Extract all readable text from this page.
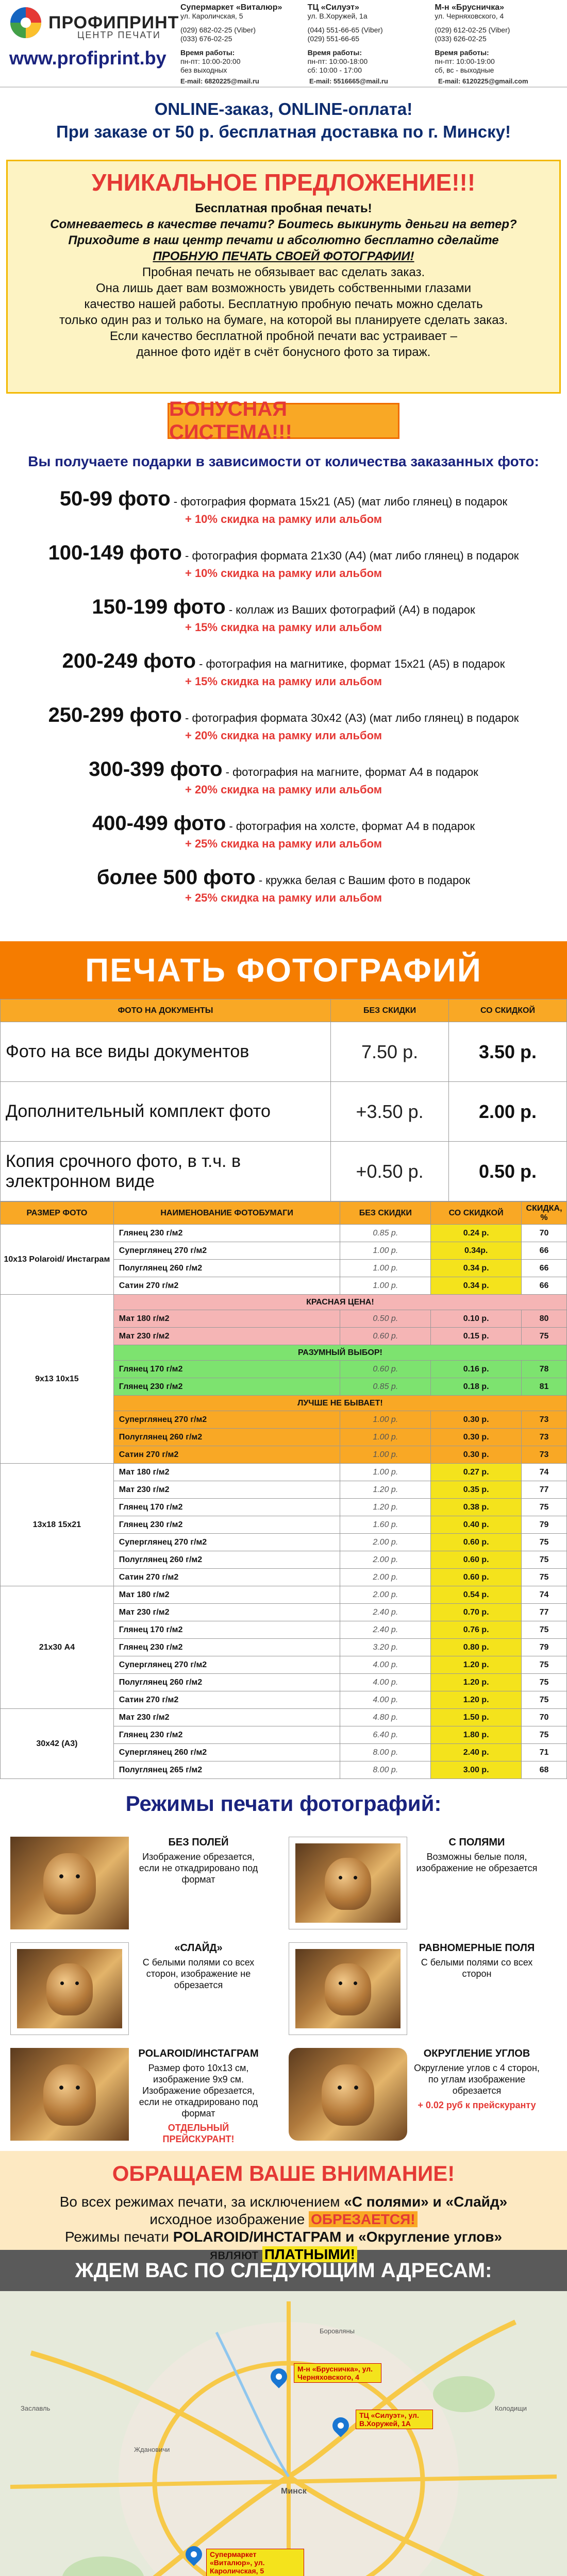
ПРОФИПРИНТ
ЦЕНТР ПЕЧАТИ
www.profiprint.by
Супермаркет «Виталюр»
ул. Кароличская, 5
(029) 682-02-25 (Viber)
(033) 676-02-25
Время работы:
пн-пт: 10:00-20:00
без выходных
ТЦ «Силуэт»
ул. В.Хоружей, 1а
(044) 551-66-65 (Viber)
(029) 551-66-65
Время работы:
пн-пт: 10:00-18:00
сб: 10:00 - 17:00
М-н «Брусничка»
ул. Черняховского, 4
(029) 612-02-25 (Viber)
(033) 626-02-25
Время работы:
пн-пт: 10:00-19:00
сб, вс - выходные
E-mail: 6820225@mail.ru	E-mail: 5516665@mail.ru	E-mail: 6120225@gmail.com
ONLINE-заказ, ONLINE-оплата!
При заказе от 50 р. бесплатная доставка по г. Минску!
УНИКАЛЬНОЕ ПРЕДЛОЖЕНИЕ!!!

Бесплатная пробная печать!

Сомневаетесь в качестве печати? Боитесь выкинуть деньги на ветер?

Приходите в наш центр печати и абсолютно бесплатно сделайте

ПРОБНУЮ ПЕЧАТЬ СВОЕЙ ФОТОГРАФИИ!

Пробная печать не обязывает вас сделать заказ.

Она лишь дает вам возможность увидеть собственными глазами

качество нашей работы. Бесплатную пробную печать можно сделать

только один раз и только на бумаге, на которой вы планируете сделать заказ.

Если качество бесплатной пробной печати вас устраивает –

данное фото идёт в счёт бонусного фото за тираж.

БОНУСНАЯ СИСТЕМА!!!
Вы получаете подарки в зависимости от количества заказанных фото:
50-99 фото - фотография формата 15х21 (А5) (мат либо глянец) в подарок
+ 10% скидка на рамку или альбом
100-149 фото - фотография формата 21х30 (А4) (мат либо глянец) в подарок
+ 10% скидка на рамку или альбом
150-199 фото - коллаж из Ваших фотографий (А4) в подарок
+ 15% скидка на рамку или альбом
200-249 фото - фотография на магнитике, формат 15х21 (А5) в подарок
+ 15% скидка на рамку или альбом
250-299 фото - фотография формата 30х42 (А3) (мат либо глянец) в подарок
+ 20% скидка на рамку или альбом
300-399 фото - фотография на магните, формат А4 в подарок
+ 20% скидка на рамку или альбом
400-499 фото - фотография на холсте, формат А4 в подарок
+ 25% скидка на рамку или альбом
более 500 фото - кружка белая с Вашим фото в подарок
+ 25% скидка на рамку или альбом
ПЕЧАТЬ ФОТОГРАФИЙ
ФОТО НА ДОКУМЕНТЫ	БЕЗ СКИДКИ	СО СКИДКОЙ
Фото на все виды документов	7.50 р.	3.50 р.
Дополнительный комплект фото	+3.50 р.	2.00 р.
Копия срочного фото, в т.ч. в электронном виде	+0.50 р.	0.50 р.
РАЗМЕР ФОТО	НАИМЕНОВАНИЕ ФОТОБУМАГИ	БЕЗ СКИДКИ	СО СКИДКОЙ	СКИДКА, %
10х13 Polaroid/ Инстаграм	Глянец 230 г/м2	0.85 р.	0.24 р.	70
	Суперглянец 270 г/м2	1.00 р.	0.34р.	66
	Полуглянец 260 г/м2	1.00 р.	0.34 р.	66
	Сатин 270 г/м2	1.00 р.	0.34 р.	66
9х13 10х15	КРАСНАЯ ЦЕНА!			
	Мат 180 г/м2	0.50 р.	0.10 р.	80
	Мат 230 г/м2	0.60 р.	0.15 р.	75
	РАЗУМНЫЙ ВЫБОР!			
	Глянец 170 г/м2	0.60 р.	0.16 р.	78
	Глянец 230 г/м2	0.85 р.	0.18 р.	81
	ЛУЧШЕ НЕ БЫВАЕТ!			
	Суперглянец 270 г/м2	1.00 р.	0.30 р.	73
	Полуглянец 260 г/м2	1.00 р.	0.30 р.	73
	Сатин 270 г/м2	1.00 р.	0.30 р.	73
13х18 15х21	Мат 180 г/м2	1.00 р.	0.27 р.	74
	Мат 230 г/м2	1.20 р.	0.35 р.	77
	Глянец 170 г/м2	1.20 р.	0.38 р.	75
	Глянец 230 г/м2	1.60 р.	0.40 р.	79
	Суперглянец 270 г/м2	2.00 р.	0.60 р.	75
	Полуглянец 260 г/м2	2.00 р.	0.60 р.	75
	Сатин 270 г/м2	2.00 р.	0.60 р.	75
21х30 А4	Мат 180 г/м2	2.00 р.	0.54 р.	74
	Мат 230 г/м2	2.40 р.	0.70 р.	77
	Глянец 170 г/м2	2.40 р.	0.76 р.	75
	Глянец 230 г/м2	3.20 р.	0.80 р.	79
	Суперглянец 270 г/м2	4.00 р.	1.20 р.	75
	Полуглянец 260 г/м2	4.00 р.	1.20 р.	75
	Сатин 270 г/м2	4.00 р.	1.20 р.	75
30х42 (А3)	Мат 230 г/м2	4.80 р.	1.50 р.	70
	Глянец 230 г/м2	6.40 р.	1.80 р.	75
	Суперглянец 260 г/м2	8.00 р.	2.40 р.	71
	Полуглянец 265 г/м2	8.00 р.	3.00 р.	68
Режимы печати фотографий:
БЕЗ ПОЛЕЙ
Изображение обрезается, если не откадрировано под формат
С ПОЛЯМИ
Возможны белые поля, изображение не обрезается
«СЛАЙД»
С белыми полями со всех сторон, изображение не обрезается
РАВНОМЕРНЫЕ ПОЛЯ
С белыми полями со всех сторон
POLAROID/ИНСТАГРАМ
Размер фото 10х13 см, изображение 9х9 см. Изображение обрезается, если не откадрировано под формат
ОТДЕЛЬНЫЙ ПРЕЙСКУРАНТ!
ОКРУГЛЕНИЕ УГЛОВ
Округление углов с 4 сторон, по углам изображение обрезается
+ 0.02 руб к прейскуранту
ОБРАЩАЕМ ВАШЕ ВНИМАНИЕ!

Во всех режимах печати, за исключением «С полями» и «Слайд»

исходное изображение ОБРЕЗАЕТСЯ!

Режимы печати POLAROID/ИНСТАГРАМ и «Округление углов»

ЖДЕМ ВАС ПО СЛЕДУЮЩИМ АДРЕСАМ:
Минск
Колодищи
Боровляны
Заславль
Ждановичи
М-н «Брусничка», ул. Черняховского, 4
ТЦ «Силуэт», ул. В.Хоружей, 1А
Супермаркет «Виталюр», ул. Кароличская, 5
